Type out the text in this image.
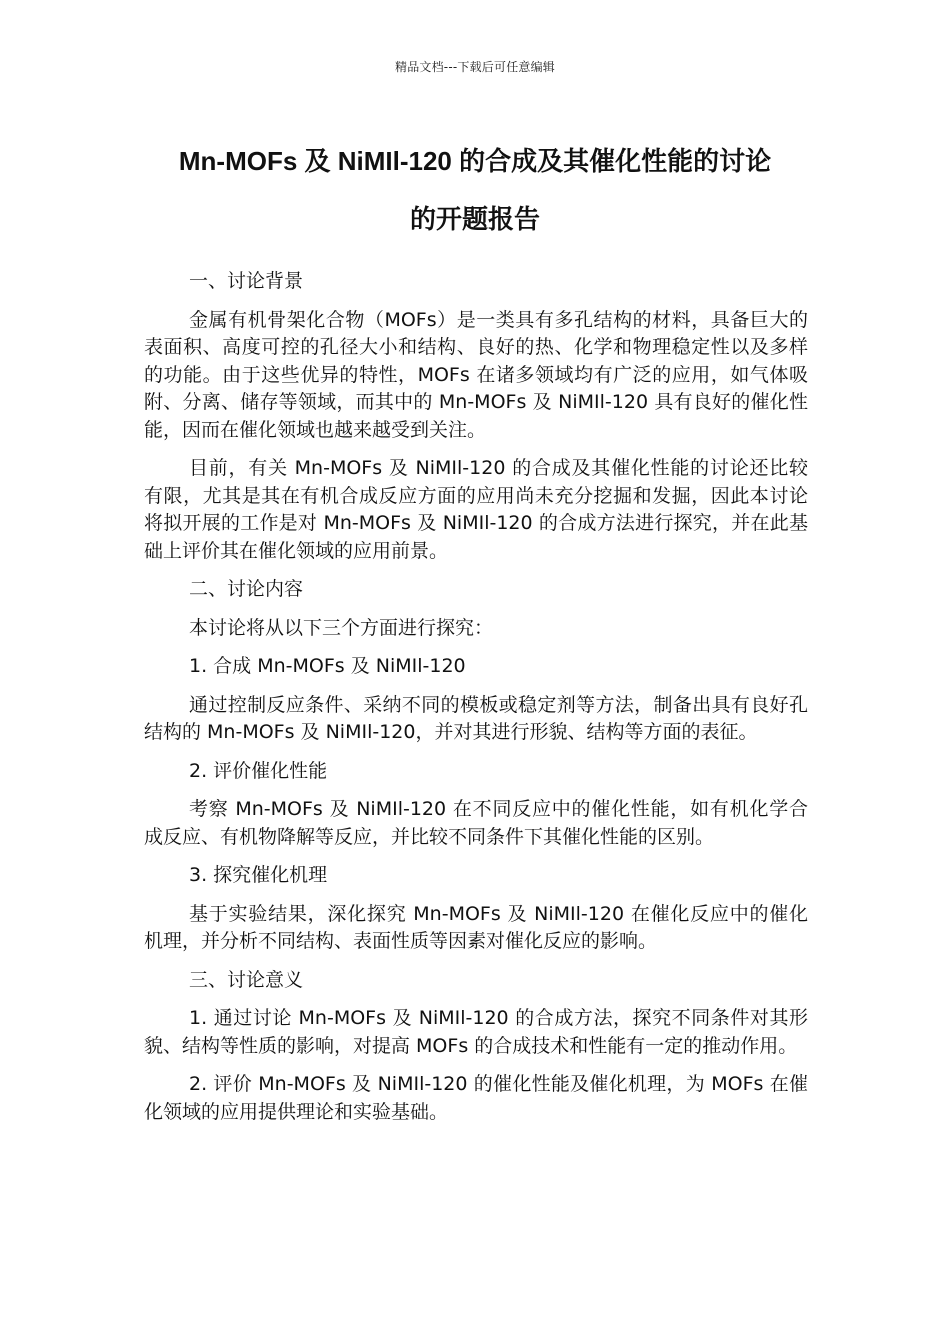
精品文档---下载后可任意编辑
Mn-MOFs 及 NiMIl-120 的合成及其催化性能的讨论
的开题报告

一、讨论背景

金属有机骨架化合物（MOFs）是一类具有多孔结构的材料，具备巨大的表面积、高度可控的孔径大小和结构、良好的热、化学和物理稳定性以及多样的功能。由于这些优异的特性，MOFs 在诸多领域均有广泛的应用，如气体吸附、分离、储存等领域，而其中的 Mn-MOFs 及 NiMIl-120 具有良好的催化性能，因而在催化领域也越来越受到关注。

目前，有关 Mn-MOFs 及 NiMIl-120 的合成及其催化性能的讨论还比较有限，尤其是其在有机合成反应方面的应用尚未充分挖掘和发掘，因此本讨论将拟开展的工作是对 Mn-MOFs 及 NiMIl-120 的合成方法进行探究，并在此基础上评价其在催化领域的应用前景。

二、讨论内容

本讨论将从以下三个方面进行探究：

1. 合成 Mn-MOFs 及 NiMIl-120

通过控制反应条件、采纳不同的模板或稳定剂等方法，制备出具有良好孔结构的 Mn-MOFs 及 NiMIl-120，并对其进行形貌、结构等方面的表征。

2. 评价催化性能

考察 Mn-MOFs 及 NiMIl-120 在不同反应中的催化性能，如有机化学合成反应、有机物降解等反应，并比较不同条件下其催化性能的区别。

3. 探究催化机理

基于实验结果，深化探究 Mn-MOFs 及 NiMIl-120 在催化反应中的催化机理，并分析不同结构、表面性质等因素对催化反应的影响。

三、讨论意义

1. 通过讨论 Mn-MOFs 及 NiMIl-120 的合成方法，探究不同条件对其形貌、结构等性质的影响，对提高 MOFs 的合成技术和性能有一定的推动作用。

2. 评价 Mn-MOFs 及 NiMIl-120 的催化性能及催化机理，为 MOFs 在催化领域的应用提供理论和实验基础。
